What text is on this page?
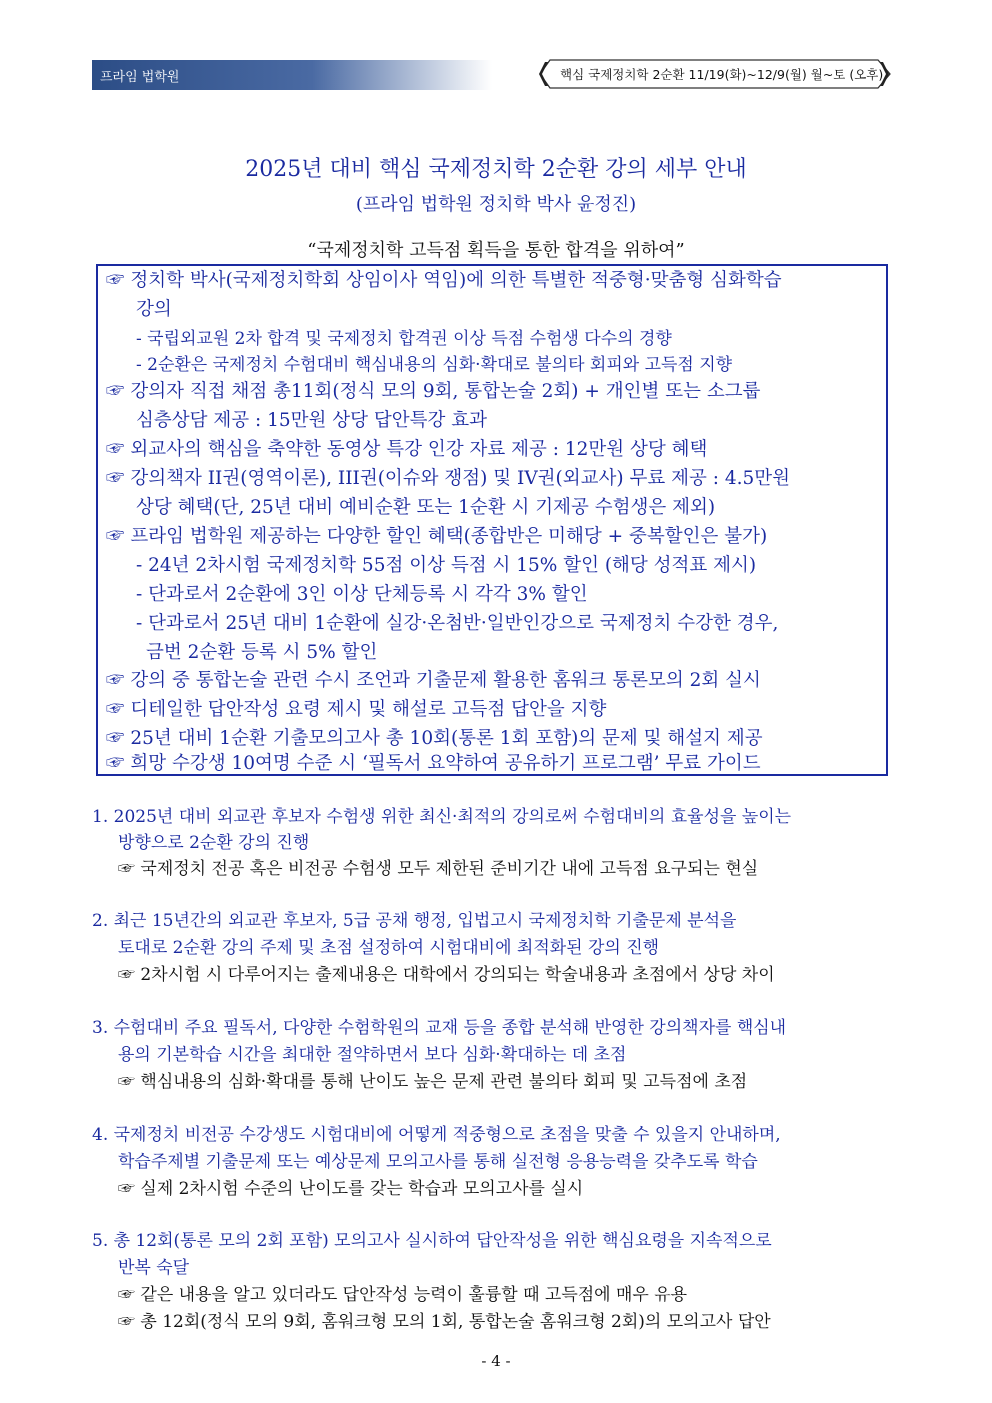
프라임 법학원	핵심 국제정치학 2순환 11/19(화)~12/9(월) 월~토 (오후)
2025년 대비 핵심 국제정치학 2순환 강의 세부 안내
(프라임 법학원 정치학 박사 윤정진)
“국제정치학 고득점 획득을 통한 합격을 위하여”
☞ 정치학 박사(국제정치학회 상임이사 역임)에 의한 특별한 적중형·맞춤형 심화학습
강의
- 국립외교원 2차 합격 및 국제정치 합격권 이상 득점 수험생 다수의 경향
- 2순환은 국제정치 수험대비 핵심내용의 심화·확대로 불의타 회피와 고득점 지향
☞ 강의자 직접 채점 총11회(정식 모의 9회, 통합논술 2회) + 개인별 또는 소그룹
심층상담 제공 : 15만원 상당 답안특강 효과
☞ 외교사의 핵심을 축약한 동영상 특강 인강 자료 제공 : 12만원 상당 혜택
☞ 강의책자 II권(영역이론), III권(이슈와 쟁점) 및 IV권(외교사) 무료 제공 : 4.5만원
상당 혜택(단, 25년 대비 예비순환 또는 1순환 시 기제공 수험생은 제외)
☞ 프라임 법학원 제공하는 다양한 할인 혜택(종합반은 미해당 + 중복할인은 불가)
- 24년 2차시험 국제정치학 55점 이상 득점 시 15% 할인 (해당 성적표 제시)
- 단과로서 2순환에 3인 이상 단체등록 시 각각 3% 할인
- 단과로서 25년 대비 1순환에 실강·온첨반·일반인강으로 국제정치 수강한 경우,
금번 2순환 등록 시 5% 할인
☞ 강의 중 통합논술 관련 수시 조언과 기출문제 활용한 홈워크 통론모의 2회 실시
☞ 디테일한 답안작성 요령 제시 및 해설로 고득점 답안을 지향
☞ 25년 대비 1순환 기출모의고사 총 10회(통론 1회 포함)의 문제 및 해설지 제공
☞ 희망 수강생 10여명 수준 시 ‘필독서 요약하여 공유하기 프로그램’ 무료 가이드
1. 2025년 대비 외교관 후보자 수험생 위한 최신·최적의 강의로써 수험대비의 효율성을 높이는
방향으로 2순환 강의 진행
☞ 국제정치 전공 혹은 비전공 수험생 모두 제한된 준비기간 내에 고득점 요구되는 현실
2. 최근 15년간의 외교관 후보자, 5급 공채 행정, 입법고시 국제정치학 기출문제 분석을
토대로 2순환 강의 주제 및 초점 설정하여 시험대비에 최적화된 강의 진행
☞ 2차시험 시 다루어지는 출제내용은 대학에서 강의되는 학술내용과 초점에서 상당 차이
3. 수험대비 주요 필독서, 다양한 수험학원의 교재 등을 종합 분석해 반영한 강의책자를 핵심내
용의 기본학습 시간을 최대한 절약하면서 보다 심화·확대하는 데 초점
☞ 핵심내용의 심화·확대를 통해 난이도 높은 문제 관련 불의타 회피 및 고득점에 초점
4. 국제정치 비전공 수강생도 시험대비에 어떻게 적중형으로 초점을 맞출 수 있을지 안내하며,
학습주제별 기출문제 또는 예상문제 모의고사를 통해 실전형 응용능력을 갖추도록 학습
☞ 실제 2차시험 수준의 난이도를 갖는 학습과 모의고사를 실시
5. 총 12회(통론 모의 2회 포함) 모의고사 실시하여 답안작성을 위한 핵심요령을 지속적으로
반복 숙달
☞ 같은 내용을 알고 있더라도 답안작성 능력이 훌륭할 때 고득점에 매우 유용
☞ 총 12회(정식 모의 9회, 홈워크형 모의 1회, 통합논술 홈워크형 2회)의 모의고사 답안
- 4 -
